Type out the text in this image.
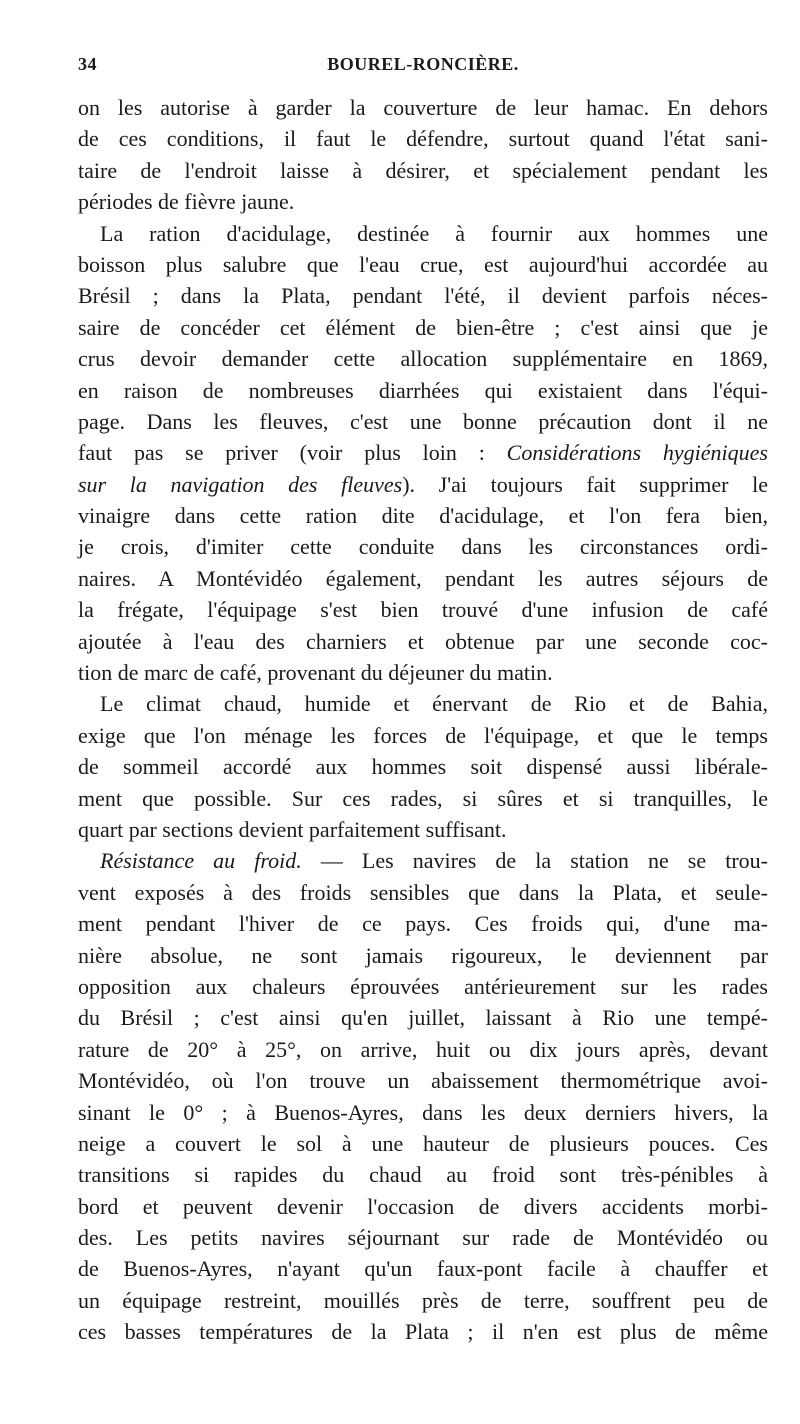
34	BOUREL-RONCIÈRE.
on les autorise à garder la couverture de leur hamac. En dehors
de ces conditions, il faut le défendre, surtout quand l'état sani-
taire de l'endroit laisse à désirer, et spécialement pendant les
périodes de fièvre jaune.
La ration d'acidulage, destinée à fournir aux hommes une
boisson plus salubre que l'eau crue, est aujourd'hui accordée au
Brésil ; dans la Plata, pendant l'été, il devient parfois néces-
saire de concéder cet élément de bien-être ; c'est ainsi que je
crus devoir demander cette allocation supplémentaire en 1869,
en raison de nombreuses diarrhées qui existaient dans l'équi-
page. Dans les fleuves, c'est une bonne précaution dont il ne
faut pas se priver (voir plus loin : Considérations hygiéniques
sur la navigation des fleuves). J'ai toujours fait supprimer le
vinaigre dans cette ration dite d'acidulage, et l'on fera bien,
je crois, d'imiter cette conduite dans les circonstances ordi-
naires. A Montévidéo également, pendant les autres séjours de
la frégate, l'équipage s'est bien trouvé d'une infusion de café
ajoutée à l'eau des charniers et obtenue par une seconde coc-
tion de marc de café, provenant du déjeuner du matin.
Le climat chaud, humide et énervant de Rio et de Bahia,
exige que l'on ménage les forces de l'équipage, et que le temps
de sommeil accordé aux hommes soit dispensé aussi libérale-
ment que possible. Sur ces rades, si sûres et si tranquilles, le
quart par sections devient parfaitement suffisant.
Résistance au froid. — Les navires de la station ne se trou-
vent exposés à des froids sensibles que dans la Plata, et seule-
ment pendant l'hiver de ce pays. Ces froids qui, d'une ma-
nière absolue, ne sont jamais rigoureux, le deviennent par
opposition aux chaleurs éprouvées antérieurement sur les rades
du Brésil ; c'est ainsi qu'en juillet, laissant à Rio une tempé-
rature de 20° à 25°, on arrive, huit ou dix jours après, devant
Montévidéo, où l'on trouve un abaissement thermométrique avoi-
sinant le 0° ; à Buenos-Ayres, dans les deux derniers hivers, la
neige a couvert le sol à une hauteur de plusieurs pouces. Ces
transitions si rapides du chaud au froid sont très-pénibles à
bord et peuvent devenir l'occasion de divers accidents morbi-
des. Les petits navires séjournant sur rade de Montévidéo ou
de Buenos-Ayres, n'ayant qu'un faux-pont facile à chauffer et
un équipage restreint, mouillés près de terre, souffrent peu de
ces basses températures de la Plata ; il n'en est plus de même
